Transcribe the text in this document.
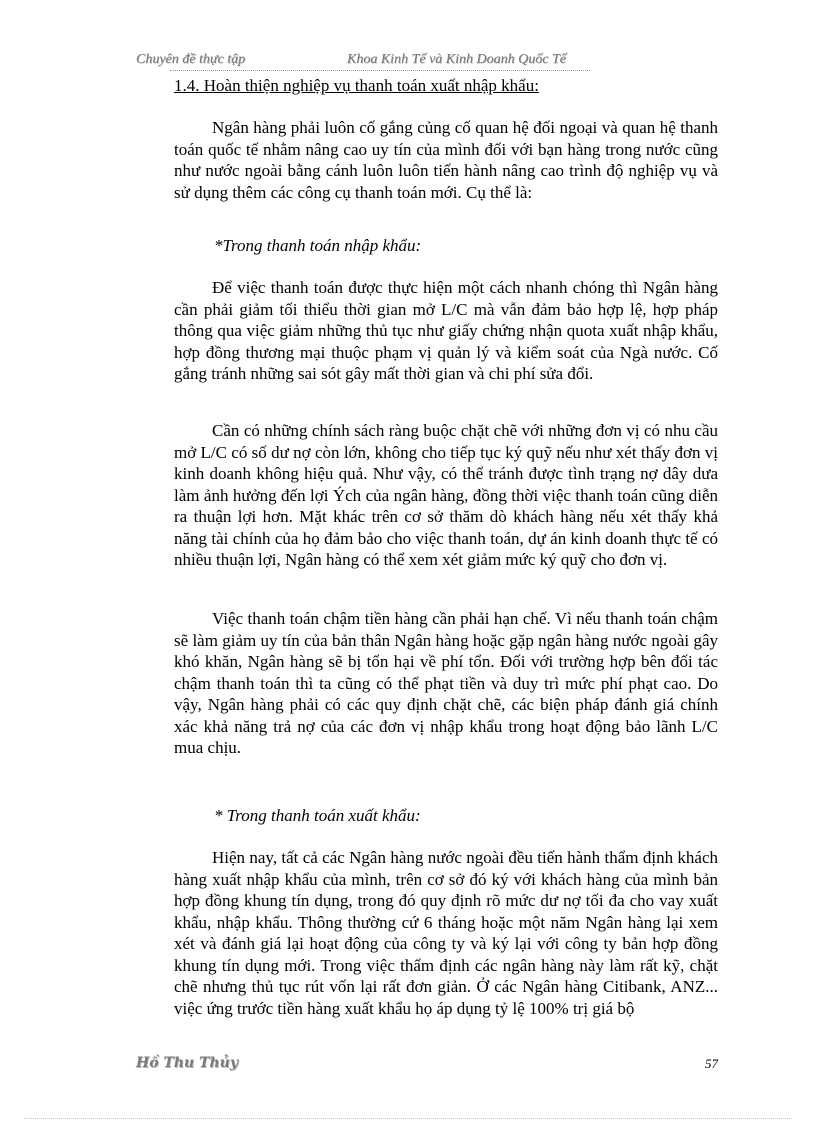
Chuyên đề thực tập	Khoa Kinh Tế và Kinh Doanh Quốc Tế
1.4. Hoàn thiện nghiệp vụ thanh toán xuất nhập khẩu:

Ngân hàng phải luôn cố gắng củng cố quan hệ đối ngoại và quan hệ thanh toán quốc tế nhằm nâng cao uy tín của mình đối với bạn hàng trong nước cũng như nước ngoài bằng cánh luôn luôn tiến hành nâng cao trình độ nghiệp vụ và sử dụng thêm các công cụ thanh toán mới. Cụ thể là:

*Trong thanh toán nhập khẩu:

Để việc thanh toán được thực hiện một cách nhanh chóng thì Ngân hàng cần phải giảm tối thiểu thời gian mở L/C mà vẫn đảm bảo hợp lệ, hợp pháp thông qua việc giảm những thủ tục như giấy chứng nhận quota xuất nhập khẩu, hợp đồng thương mại thuộc phạm vị quản lý và kiểm soát của Ngà nước. Cố gắng tránh những sai sót gây mất thời gian và chi phí sửa đổi.

Cần có những chính sách ràng buộc chặt chẽ với những đơn vị có nhu cầu mở L/C có số dư nợ còn lớn, không cho tiếp tục ký quỹ nếu như xét thấy đơn vị kinh doanh không hiệu quả. Như vậy, có thể tránh được tình trạng nợ dây dưa làm ảnh hưởng đến lợi Ých của ngân hàng, đồng thời việc thanh toán cũng diễn ra thuận lợi hơn. Mặt khác trên cơ sở thăm dò khách hàng nếu xét thấy khả năng tài chính của họ đảm bảo cho việc thanh toán, dự án kinh doanh thực tế có nhiều thuận lợi, Ngân hàng có thể xem xét giảm mức ký quỹ cho đơn vị.

Việc thanh toán chậm tiền hàng cần phải hạn chế. Vì nếu thanh toán chậm sẽ làm giảm uy tín của bản thân Ngân hàng hoặc gặp ngân hàng nước ngoài gây khó khăn, Ngân hàng sẽ bị tổn hại về phí tổn. Đối với trường hợp bên đối tác chậm thanh toán thì ta cũng có thể phạt tiền và duy trì mức phí phạt cao. Do vậy, Ngân hàng phải có các quy định chặt chẽ, các biện pháp đánh giá chính xác khả năng trả nợ của các đơn vị nhập khẩu trong hoạt động bảo lãnh L/C mua chịu.

* Trong thanh toán xuất khẩu:

Hiện nay, tất cả các Ngân hàng nước ngoài đều tiến hành thẩm định khách hàng xuất nhập khẩu của mình, trên cơ sở đó ký với khách hàng của mình bản hợp đồng khung tín dụng, trong đó quy định rõ mức dư nợ tối đa cho vay xuất khẩu, nhập khẩu. Thông thường cứ 6 tháng hoặc một năm Ngân hàng lại xem xét và đánh giá lại hoạt động của công ty và ký lại với công ty bản hợp đồng khung tín dụng mới. Trong việc thẩm định các ngân hàng này làm rất kỹ, chặt chẽ nhưng thủ tục rút vốn lại rất đơn giản. Ở các Ngân hàng Citibank, ANZ... việc ứng trước tiền hàng xuất khẩu họ áp dụng tỷ lệ 100% trị giá bộ

Hồ Thu Thủy	57
